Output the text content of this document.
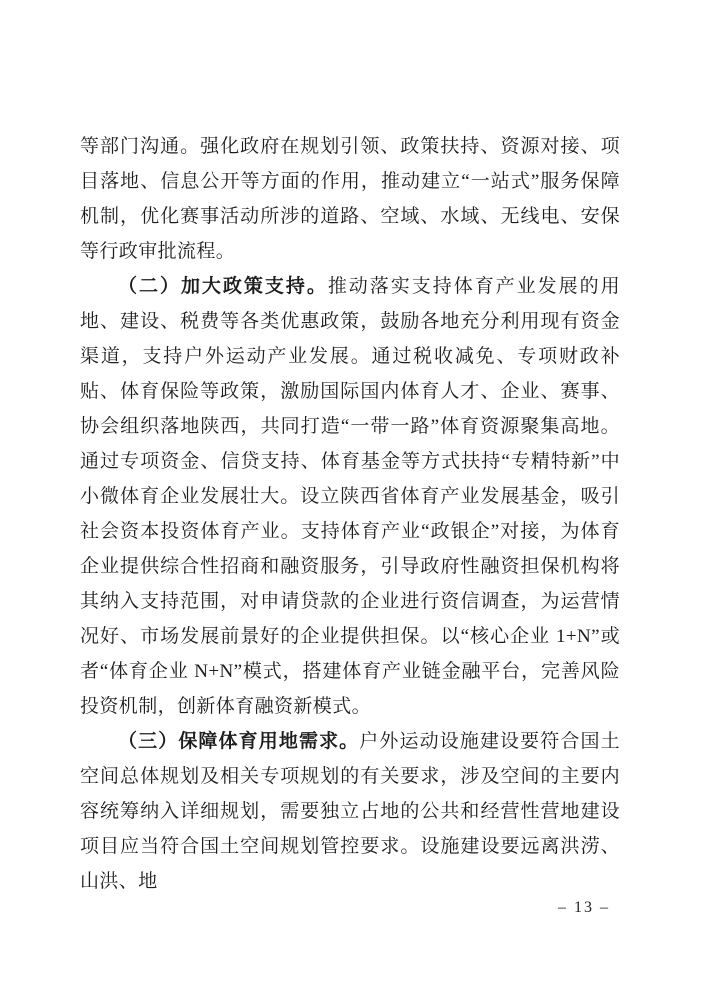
等部门沟通。强化政府在规划引领、政策扶持、资源对接、项目落地、信息公开等方面的作用，推动建立“一站式”服务保障机制，优化赛事活动所涉的道路、空域、水域、无线电、安保等行政审批流程。

（二）加大政策支持。推动落实支持体育产业发展的用地、建设、税费等各类优惠政策，鼓励各地充分利用现有资金渠道，支持户外运动产业发展。通过税收减免、专项财政补贴、体育保险等政策，激励国际国内体育人才、企业、赛事、协会组织落地陕西，共同打造“一带一路”体育资源聚集高地。通过专项资金、信贷支持、体育基金等方式扶持“专精特新”中小微体育企业发展壮大。设立陕西省体育产业发展基金，吸引社会资本投资体育产业。支持体育产业“政银企”对接，为体育企业提供综合性招商和融资服务，引导政府性融资担保机构将其纳入支持范围，对申请贷款的企业进行资信调查，为运营情况好、市场发展前景好的企业提供担保。以“核心企业 1+N”或者“体育企业 N+N”模式，搭建体育产业链金融平台，完善风险投资机制，创新体育融资新模式。

（三）保障体育用地需求。户外运动设施建设要符合国土空间总体规划及相关专项规划的有关要求，涉及空间的主要内容统筹纳入详细规划，需要独立占地的公共和经营性营地建设项目应当符合国土空间规划管控要求。设施建设要远离洪涝、山洪、地

– 13 –
